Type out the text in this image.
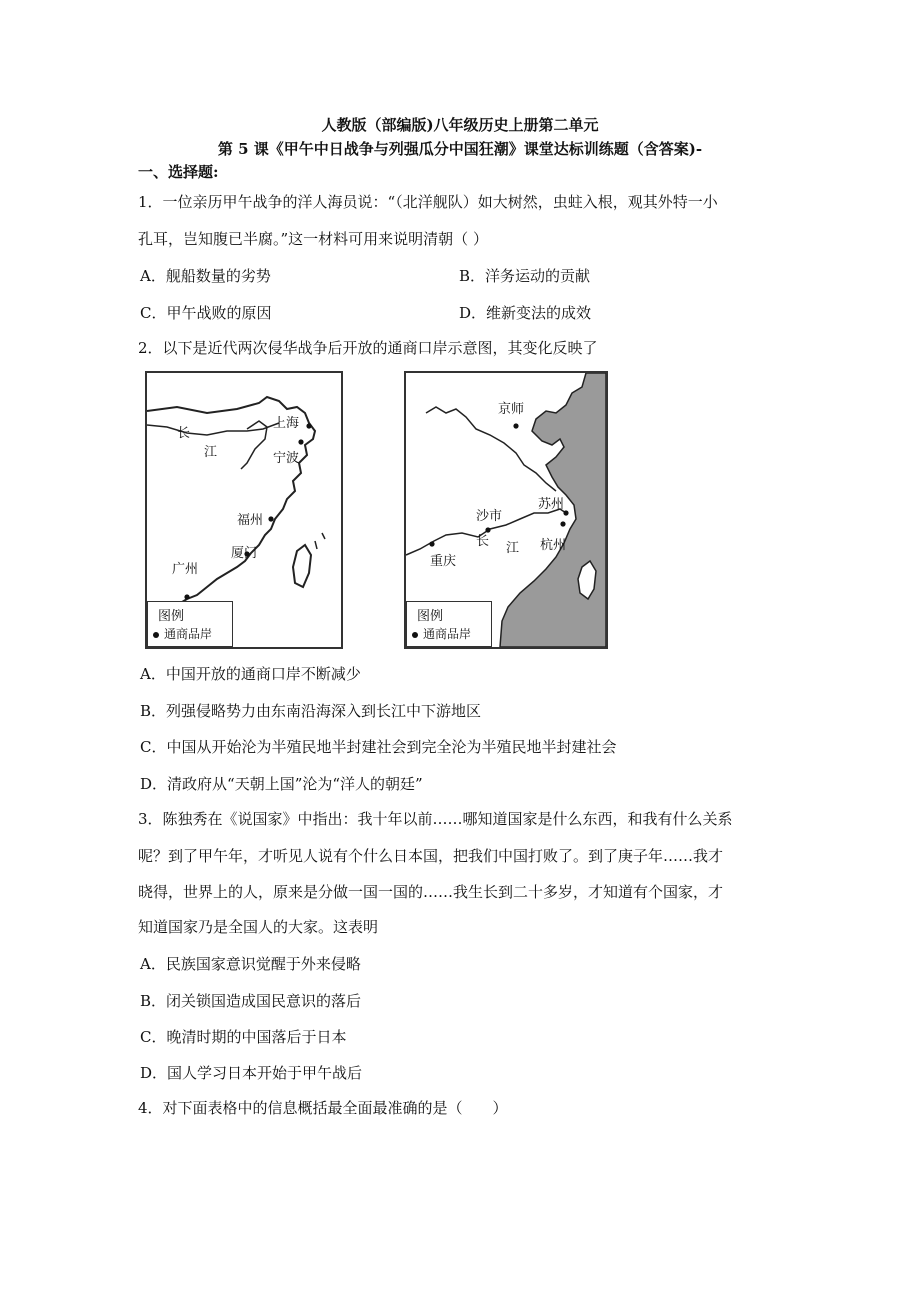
人教版（部编版)八年级历史上册第二单元
第 5 课《甲午中日战争与列强瓜分中国狂潮》课堂达标训练题（含答案)-
一、选择题:
1．一位亲历甲午战争的洋人海员说：“（北洋舰队）如大树然，虫蛀入根，观其外特一小
孔耳，岂知腹已半腐。”这一材料可用来说明清朝（ ）
A．舰船数量的劣势	B．洋务运动的贡献
C．甲午战败的原因	D．维新变法的成效
2．以下是近代两次侵华战争后开放的通商口岸示意图，其变化反映了
长
江
上海
宁波
福州
厦门
广州
图例
通商品岸
京师
苏州
沙市
长 江 杭州
重庆
图例
通商品岸
A．中国开放的通商口岸不断减少
B．列强侵略势力由东南沿海深入到长江中下游地区
C．中国从开始沦为半殖民地半封建社会到完全沦为半殖民地半封建社会
D．清政府从“天朝上国”沦为“洋人的朝廷”
3．陈独秀在《说国家》中指出：我十年以前……哪知道国家是什么东西，和我有什么关系
呢？到了甲午年，才听见人说有个什么日本国，把我们中国打败了。到了庚子年……我才
晓得，世界上的人，原来是分做一国一国的……我生长到二十多岁，才知道有个国家，才
知道国家乃是全国人的大家。这表明
A．民族国家意识觉醒于外来侵略
B．闭关锁国造成国民意识的落后
C．晚清时期的中国落后于日本
D．国人学习日本开始于甲午战后
4．对下面表格中的信息概括最全面最准确的是（　　）
